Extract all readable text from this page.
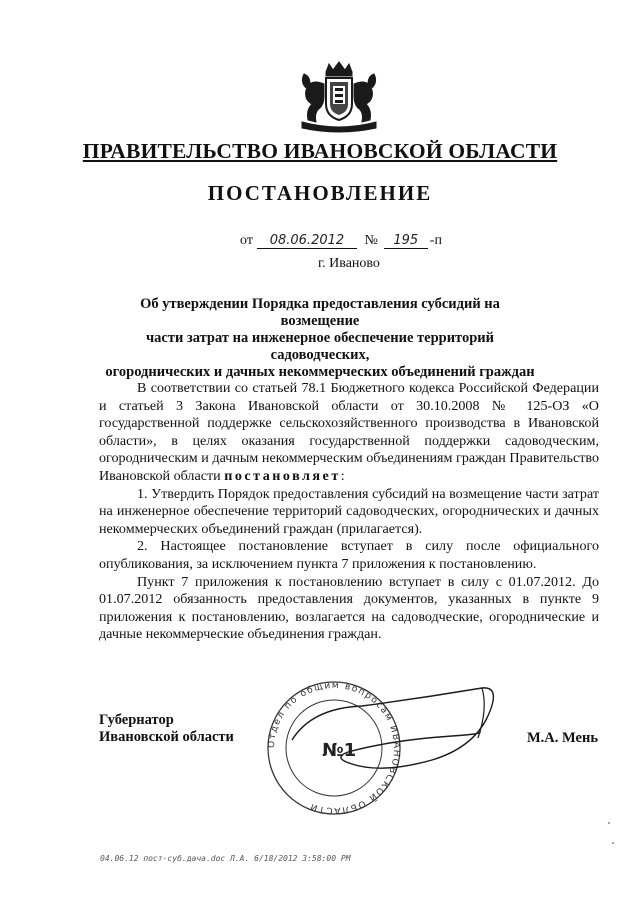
ПРАВИТЕЛЬСТВО ИВАНОВСКОЙ ОБЛАСТИ
ПОСТАНОВЛЕНИЕ
от 08.06.2012 № 195 -п
г. Иваново
Об утверждении Порядка предоставления субсидий на возмещение
части затрат на инженерное обеспечение территорий садоводческих,
огороднических и дачных некоммерческих объединений граждан

В соответствии со статьей 78.1 Бюджетного кодекса Российской Федерации и статьей 3 Закона Ивановской области от 30.10.2008 № 125-ОЗ «О государственной поддержке сельскохозяйственного производства в Ивановской области», в целях оказания государственной поддержки садоводческим, огородническим и дачным некоммерческим объединениям граждан Правительство Ивановской области постановляет:

1. Утвердить Порядок предоставления субсидий на возмещение части затрат на инженерное обеспечение территорий садоводческих, огороднических и дачных некоммерческих объединений граждан (прилагается).

2. Настоящее постановление вступает в силу после официального опубликования, за исключением пункта 7 приложения к постановлению.

Пункт 7 приложения к постановлению вступает в силу с 01.07.2012. До 01.07.2012 обязанность предоставления документов, указанных в пункте 9 приложения к постановлению, возлагается на садоводческие, огороднические и дачные некоммерческие объединения граждан.

Отдел по общим вопросам ИВАНОВСКОЙ ОБЛАСТИ
№1
Губернатор
Ивановской области	М.А. Мень
04.06.12 пост-суб.дача.doc Л.А. 6/18/2012 3:58:00 PM
